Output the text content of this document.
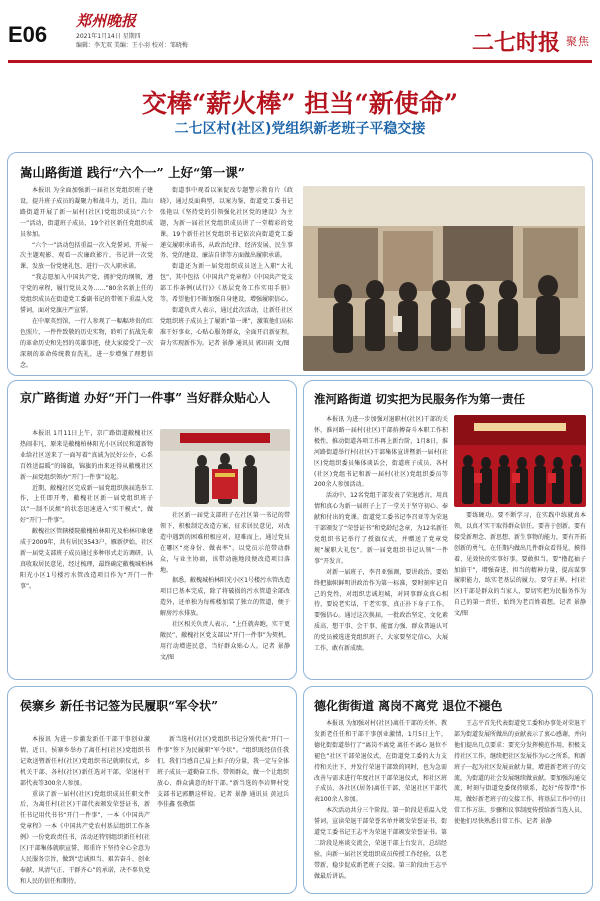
E06
郑州晚报
2021年1月14日 星期四
编辑：李无双 美编：王小羽 校对：邹晓梅	二七时报 聚焦
交棒“薪火棒” 担当“新使命”
二七区村(社区)党组织新老班子平稳交接
嵩山路街道 践行“六个一” 上好“第一课”

本报讯 为全面加强新一届社区党组织班子建设，提升班子成员的凝聚力和战斗力，近日，嵩山路街道开展了新一届村(社区)党组织成员“六个一”活动，街道班子成员、19个社区新任党组织成员参加。

“六个一”活动包括重温一次入党誓词、开展一次主题观影、观看一次廉政影片、书记讲一次党课、发放一份党建礼包、进行一次入职承诺。

“我志愿加入中国共产党，拥护党的纲领，遵守党的章程，履行党员义务……”80余名新上任的党组织成员在街道党工委副书记的带领下重温入党誓词，面对党旗庄严宣誓。

在中原英烈馆，一行人参观了一幅幅珍贵的红色照片，一件件致敬的历史实物，聆听了抗战先辈的革命历史和先烈的英雄事迹，使大家接受了一次深刻的革命传统教育洗礼，进一步增强了理想信念。

街道事中观看以案促改专题警示教育片《政晓》，通过反面典型，以案为鉴，街道党工委书记张艳以《坚持党的引领强化社区党的建设》为主题，为新一届社区党组织成员讲了一堂精彩的党课。19个新任社区党组织书记依次向街道党工委递交履职承诺书，从政治纪律、经济发展、民生事务、党的建设、廉洁自律等方面做出履职承诺。

街道还为新一届党组织成员送上入职“大礼包”，其中包括《中国共产党章程》《中国共产党支部工作条例(试行)》《基层党务工作实用手册》等，希望他们不断加强自身建设，增强履职信心。

街道负责人表示，通过此次活动，让新任社区党组织班子成员上了履新“第一课”，激策他们高标准干好事业，心贴心服务群众，全面开启新征程，奋力实现新作为。记者 景静 通讯员 郭田雨 文/图

京广路街道 办好“开门一件事” 当好群众贴心人

本报讯 1月11日上午，京广路街道敝槐社区热闹非凡，原来是敝槐柏林阳光小区居民和道新物业给社区送来了一面写着“真诚为民好公仆，心系百姓送温暖”的锦旗，锦旗的由来还得从敝槐社区新一届党组织领办“开门一件事”说起。

近期，敝槐社区完成新一届党组织换届选举工作，上任即开考，敝槐社区新一届党组织班子以“一制不厌烦”的状态迅速进入“实干模式”，做好“开门一件事”。

敝槐社区管辖楼院敝槐柏林阳光及柏林印象建成于2009年，共有居民3543户，雁新伊始，社区新一届党支部班子成员通过多种形式走访调研，认真收取居民意见，经过梳理，最终确定敝槐城柏林阳光小区1号楼污水管改造项目作为“开门一件事”。

社区新一届党支部班子在社区第一书记的带领下，积极制定改造方案，征求居民意见，对改造中遇到的困难积极应对，迎难而上，通过党员在哪区“亮身份、做表率”，以党员示范带动群众，与业主协商，该带动施地段便改造项目落地。

据悉，敝槐城柏林阳光小区1号楼污水管改造项目已基本完成，除了将破损的污水管道全部改造外，还单独为每栋楼加装了独立的管道，便于解房污水排放。

社区相关负责人表示，“上任就奔跑，实干更敞民”，敝槐社区党支部以“开门一件事”为契机，用行动增进民意，当好群众贴心人。记者 景静 文/图

淮河路街道 切实把为民服务作为第一责任

本报讯 为进一步加强对退职村(社区)干部的关怀，淮河路一届村(社区)干部拚搏奋斗本职工作积极性，推动街道各项工作再上新台阶，1月8日，淮河路街道举行村(社区)干部集体宣讲暨新一届村(社区)党组织委员集体谈话会，街道班子成员、各村(社区)党组书记和新一届村(社区)党组织委员等200余人参加活动。

活动中，12名党组干部发表了荣退感言，用真情和真心为新一届班子上了一堂关于坚守初心、奉献和付出的党课。街道党工委书记李召亚等为荣退干部颁发了“荣誉证书”和党龄纪念章，为12名新任党组织书记举行了授旗仪式，并赠送了党章党规“履职大礼包”。新一届党组织书记认领“一件事”开发言。

对新一届班子，李召亚强调，要讲政治。要始终把旗帜鲜明讲政治作为第一标准，要时刻牢记自己的党性，对组织忠诚坦城，对同事群众真心相待，要说老实话，干老实事，真正扑下身子工作。要强信心。通过这次换届，一批政治坚定、文化素质高、想干事、会干事、能富力强、群众普遍认可的党员被选进党组织班子，大家要坚定信心，大展工作，敢有新成绩。

要练硬功。要不断学习，在实践中练就真本领，以真才实干取得群众信任。要善于创新。要有接受新理念、新思想、新生事物的能力，要有开拓创新的勇气，在任期内做出几件群众看得见、摸得着、见效快的实事好事。要敢担当。要“撸起袖子加油干”，增强奋进、担当的精神力量，提高谋事履职能力，练实老基层的履力。要守正界。村(社区)干部是群众的当家人，要切实把为民服务作为自己的第一责任，始终为老百姓着想。记者 景静 文/图

侯寨乡 新任书记签为民履职“军令状”

本报讯 为进一步激发新任干部干事创业激情，近日，侯寨乡举办了离任村(社区)党组织书记欢送暨新任村(社区)党组织书记就职仪式，乡机关干部、各村(社区)新任选对干部，荣退村干部代表等300余人参加。

重读了新一届村(社区)党组织成员任职文件后，为离任村(社区)干部代表颁发荣誉证书，新任书记用代书书“开门一件事”，一本《中国共产党章程》一本《中国共产党农村基层组织工作条例》一份党政责任书，活动还特别组织新任村(社区)干部集体就职宣誓，郑重许下坚持全心全意为人民服务宗旨，做到“忠诚担当、艰苦奋斗、创业奉献、风清气正、干群齐心”的承诺，决不辜负党和人民的信任和期待。

新当选村(社区)党组织书记分别代表“开门一件事”签下为民履职“军令状”。“组织既经信任我们，我们当感自己肩上担子的分量，我一定与全体班子成员一道勤奋工作，带领群众，做一个让组织放心、群众满意的好干部。”新当选的李岩辉村党支部书记郭鹏这样说。记者 景静 通讯员 黄冠兵 李佳鑫 张敬儒

德化街街道 离岗不离党 退位不褪色

本报讯 为加强对村(社区)离任干部的关怀，教发新老任任和干部干事创业激情，1月5日上午，德化街街道举行了“离岗不离党 离任不离心 退位不褪色”社区干部荣退仪式，在街道党工委的大力支持和关注下，并发行荣退干部致的同时，也为急需改善与需求进行年度社区干部荣退仪式，和社区班子成员、各社区(居务)离任干部，荣退社区干部代表100余人参加。

本次活动共分三个阶段。第一阶段是重温入党誓词，宣读荣退干部荣誉名单并颁发荣誉证书，街道党工委书记王志平为荣退干部颁发荣誉证书。第二阶段是座谈交流会，荣退干部上台发言，总结经验，向新一届社区党组织成员传授工作经验，以老带新，稳步促成新老班子交接。第三阶段由王志平做最后讲话。

王志平首先代表街道党工委和办事处对荣退干部为街道发展所做出的贡献表示了衷心感谢，并向他们提出几点要求：要充分发挥模范作用，积极支持社区工作，继续把社区发展作为心之所系，和新班子一起为社区发展贡献力量，增进新老班子的交流，为街道的社会发展继续做贡献。要加强沟通交流，时刻与街道党委保持联系，起好“传帮带”作用，做好新老班子的交接工作，将基层工作中的日常工作方法、步骤和议事制度传授给新当选人员，使他们尽快熟悉日常工作。记者 景静
